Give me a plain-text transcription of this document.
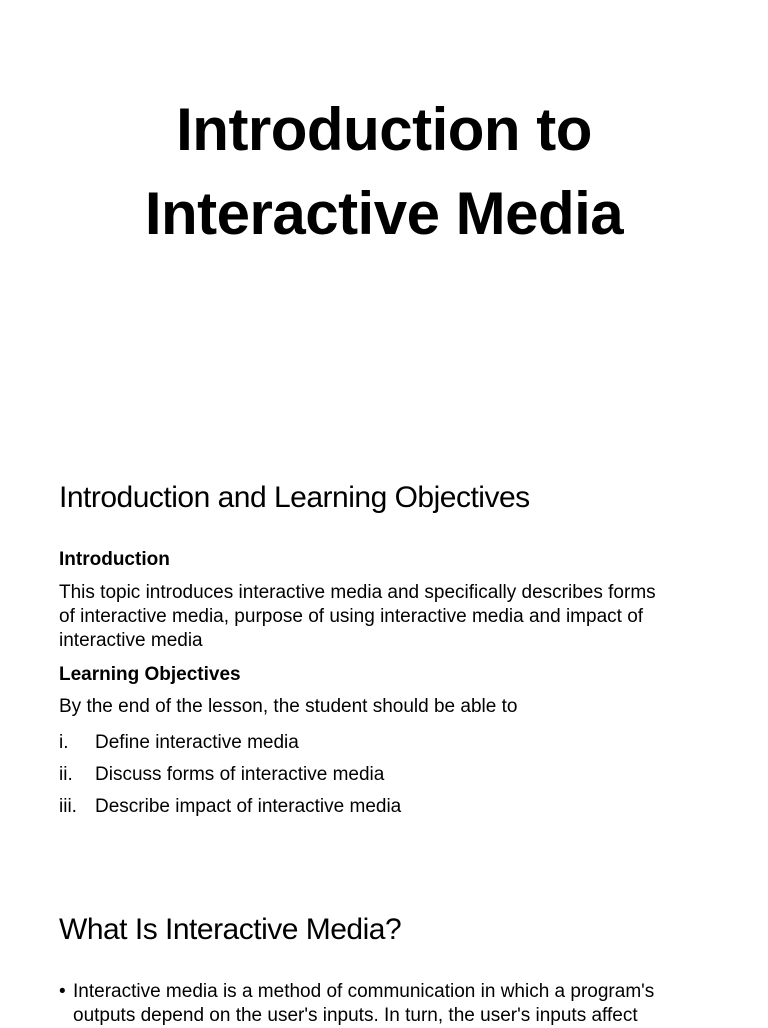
Introduction to
Interactive Media
Introduction and Learning Objectives
Introduction

This topic introduces interactive media and specifically describes forms

of interactive media, purpose of using interactive media and impact of

interactive media

Learning Objectives
By the end of the lesson, the student should be able to
i. Define interactive media
ii. Discuss forms of interactive media
iii. Describe impact of interactive media
What Is Interactive Media?
• Interactive media is a method of communication in which a program's
outputs depend on the user's inputs. In turn, the user's inputs affect
